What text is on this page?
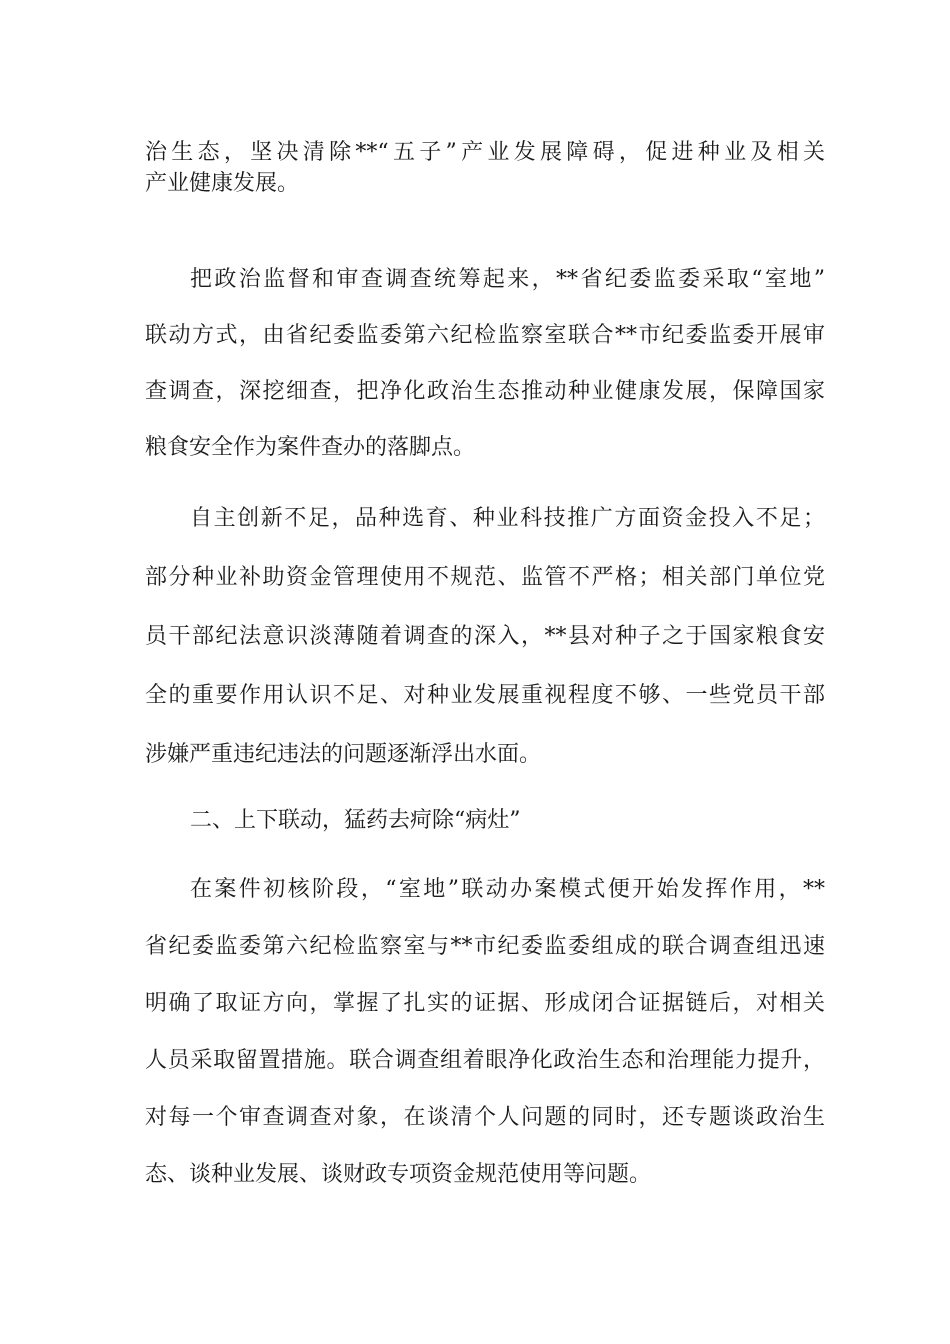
治生态，坚决清除**“五子”产业发展障碍，促进种业及相关
产业健康发展。
把政治监督和审查调查统筹起来，**省纪委监委采取“室地”
联动方式，由省纪委监委第六纪检监察室联合**市纪委监委开展审
查调查，深挖细查，把净化政治生态推动种业健康发展，保障国家
粮食安全作为案件查办的落脚点。
自主创新不足，品种选育、种业科技推广方面资金投入不足；
部分种业补助资金管理使用不规范、监管不严格；相关部门单位党
员干部纪法意识淡薄随着调查的深入，**县对种子之于国家粮食安
全的重要作用认识不足、对种业发展重视程度不够、一些党员干部
涉嫌严重违纪违法的问题逐渐浮出水面。
二、上下联动，猛药去疴除“病灶”
在案件初核阶段，“室地”联动办案模式便开始发挥作用，**
省纪委监委第六纪检监察室与**市纪委监委组成的联合调查组迅速
明确了取证方向，掌握了扎实的证据、形成闭合证据链后，对相关
人员采取留置措施。联合调查组着眼净化政治生态和治理能力提升，
对每一个审查调查对象，在谈清个人问题的同时，还专题谈政治生
态、谈种业发展、谈财政专项资金规范使用等问题。
